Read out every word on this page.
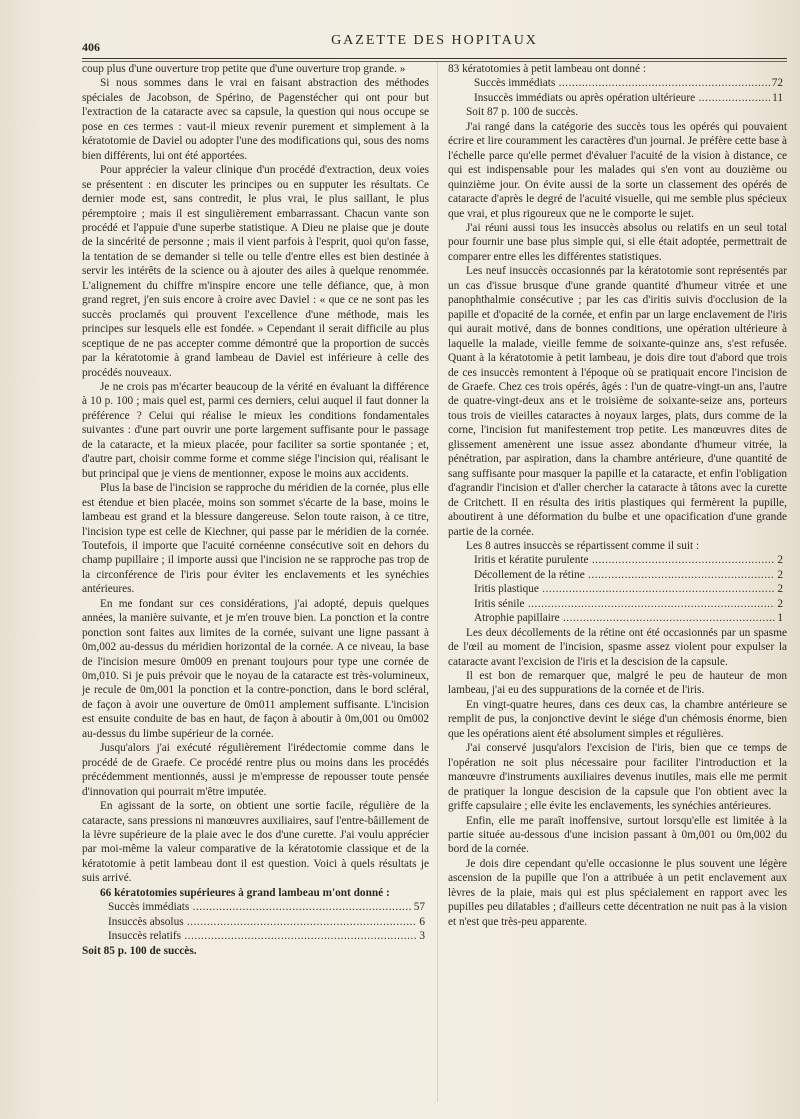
406	GAZETTE DES HOPITAUX

coup plus d'une ouverture trop petite que d'une ouverture trop grande. »

Si nous sommes dans le vrai en faisant abstraction des méthodes spéciales de Jacobson, de Spérino, de Pagenstécher qui ont pour but l'extraction de la cataracte avec sa capsule, la question qui nous occupe se pose en ces termes : vaut-il mieux revenir purement et simplement à la kératotomie de Daviel ou adopter l'une des modifications qui, sous des noms bien différents, lui ont été apportées.

Pour apprécier la valeur clinique d'un procédé d'extraction, deux voies se présentent : en discuter les principes ou en supputer les résultats. Ce dernier mode est, sans contredit, le plus vrai, le plus saillant, le plus péremptoire ; mais il est singulièrement embarrassant. Chacun vante son procédé et l'appuie d'une superbe statistique. A Dieu ne plaise que je doute de la sincérité de personne ; mais il vient parfois à l'esprit, quoi qu'on fasse, la tentation de se demander si telle ou telle d'entre elles est bien destinée à servir les intérêts de la science ou à ajouter des ailes à quelque renommée. L'alignement du chiffre m'inspire encore une telle défiance, que, à mon grand regret, j'en suis encore à croire avec Daviel : « que ce ne sont pas les succès proclamés qui prouvent l'excellence d'une méthode, mais les principes sur lesquels elle est fondée. » Cependant il serait difficile au plus sceptique de ne pas accepter comme démontré que la proportion de succès par la kératotomie à grand lambeau de Daviel est inférieure à celle des procédés nouveaux.

Je ne crois pas m'écarter beaucoup de la vérité en évaluant la différence à 10 p. 100 ; mais quel est, parmi ces derniers, celui auquel il faut donner la préférence ? Celui qui réalise le mieux les conditions fondamentales suivantes : d'une part ouvrir une porte largement suffisante pour le passage de la cataracte, et la mieux placée, pour faciliter sa sortie spontanée ; et, d'autre part, choisir comme forme et comme siége l'incision qui, réalisant le but principal que je viens de mentionner, expose le moins aux accidents.

Plus la base de l'incision se rapproche du méridien de la cornée, plus elle est étendue et bien placée, moins son sommet s'écarte de la base, moins le lambeau est grand et la blessure dangereuse. Selon toute raison, à ce titre, l'incision type est celle de Kiechner, qui passe par le méridien de la cornée. Toutefois, il importe que l'acuité cornéenne consécutive soit en dehors du champ pupillaire ; il importe aussi que l'incision ne se rapproche pas trop de la circonférence de l'iris pour éviter les enclavements et les synéchies antérieures.

En me fondant sur ces considérations, j'ai adopté, depuis quelques années, la manière suivante, et je m'en trouve bien. La ponction et la contre ponction sont faites aux limites de la cornée, suivant une ligne passant à 0m,002 au-dessus du méridien horizontal de la cornée. A ce niveau, la base de l'incision mesure 0m009 en prenant toujours pour type une cornée de 0m,010. Si je puis prévoir que le noyau de la cataracte est très-volumineux, je recule de 0m,001 la ponction et la contre-ponction, dans le bord scléral, de façon à avoir une ouverture de 0m011 amplement suffisante. L'incision est ensuite conduite de bas en haut, de façon à aboutir à 0m,001 ou 0m002 au-dessus du limbe supérieur de la cornée.

Jusqu'alors j'ai exécuté régulièrement l'irédectomie comme dans le procédé de de Graefe. Ce procédé rentre plus ou moins dans les procédés précédemment mentionnés, aussi je m'empresse de repousser toute pensée d'innovation qui pourrait m'être imputée.

En agissant de la sorte, on obtient une sortie facile, régulière de la cataracte, sans pressions ni manœuvres auxiliaires, sauf l'entre-bâillement de la lèvre supérieure de la plaie avec le dos d'une curette. J'ai voulu apprécier par moi-même la valeur comparative de la kératotomie classique et de la kératotomie à petit lambeau dont il est question. Voici à quels résultats je suis arrivé.

66 kératotomies supérieures à grand lambeau m'ont donné :

Succès immédiats .....	57
Insuccès absolus .....	6
Insuccès relatifs .....	3

Soit 85 p. 100 de succès.

83 kératotomies à petit lambeau ont donné :

Succès immédiats .....	72
Insuccès immédiats ou après opération ultérieure .....	11

Soit 87 p. 100 de succès.

J'ai rangé dans la catégorie des succès tous les opérés qui pouvaient écrire et lire couramment les caractères d'un journal. Je préfère cette base à l'échelle parce qu'elle permet d'évaluer l'acuité de la vision à distance, ce qui est indispensable pour les malades qui s'en vont au douzième ou quinzième jour. On évite aussi de la sorte un classement des opérés de cataracte d'après le degré de l'acuité visuelle, qui me semble plus spécieux que vrai, et plus rigoureux que ne le comporte le sujet.

J'ai réuni aussi tous les insuccès absolus ou relatifs en un seul total pour fournir une base plus simple qui, si elle était adoptée, permettrait de comparer entre elles les différentes statistiques.

Les neuf insuccès occasionnés par la kératotomie sont représentés par un cas d'issue brusque d'une grande quantité d'humeur vitrée et une panophthalmie consécutive ; par les cas d'iritis suivis d'occlusion de la papille et d'opacité de la cornée, et enfin par un large enclavement de l'iris qui aurait motivé, dans de bonnes conditions, une opération ultérieure à laquelle la malade, vieille femme de soixante-quinze ans, s'est refusée. Quant à la kératotomie à petit lambeau, je dois dire tout d'abord que trois de ces insuccès remontent à l'époque où se pratiquait encore l'incision de de Graefe. Chez ces trois opérés, âgés : l'un de quatre-vingt-un ans, l'autre de quatre-vingt-deux ans et le troisième de soixante-seize ans, porteurs tous trois de vieilles cataractes à noyaux larges, plats, durs comme de la corne, l'incision fut manifestement trop petite. Les manœuvres dites de glissement amenèrent une issue assez abondante d'humeur vitrée, la pénétration, par aspiration, dans la chambre antérieure, d'une quantité de sang suffisante pour masquer la papille et la cataracte, et enfin l'obligation d'agrandir l'incision et d'aller chercher la cataracte à tâtons avec la curette de Critchett. Il en résulta des iritis plastiques qui fermèrent la pupille, aboutirent à une déformation du bulbe et une opacification d'une grande partie de la cornée.

Les 8 autres insuccès se répartissent comme il suit :

Iritis et kératite purulente .....	2
Décollement de la rétine .....	2
Iritis plastique .....	2
Iritis sénile .....	2
Atrophie papillaire .....	1

Les deux décollements de la rétine ont été occasionnés par un spasme de l'œil au moment de l'incision, spasme assez violent pour expulser la cataracte avant l'excision de l'iris et la descision de la capsule.

Il est bon de remarquer que, malgré le peu de hauteur de mon lambeau, j'ai eu des suppurations de la cornée et de l'iris.

En vingt-quatre heures, dans ces deux cas, la chambre antérieure se remplit de pus, la conjonctive devint le siége d'un chémosis énorme, bien que les opérations aient été absolument simples et régulières.

J'ai conservé jusqu'alors l'excision de l'iris, bien que ce temps de l'opération ne soit plus nécessaire pour faciliter l'introduction et la manœuvre d'instruments auxiliaires devenus inutiles, mais elle me permit de pratiquer la longue descision de la capsule que l'on obtient avec la griffe capsulaire ; elle évite les enclavements, les synéchies antérieures.

Enfin, elle me paraît inoffensive, surtout lorsqu'elle est limitée à la partie située au-dessous d'une incision passant à 0m,001 ou 0m,002 du bord de la cornée.

Je dois dire cependant qu'elle occasionne le plus souvent une légère ascension de la pupille que l'on a attribuée à un petit enclavement aux lèvres de la plaie, mais qui est plus spécialement en rapport avec les pupilles peu dilatables ; d'ailleurs cette décentration ne nuit pas à la vision et n'est que très-peu apparente.
